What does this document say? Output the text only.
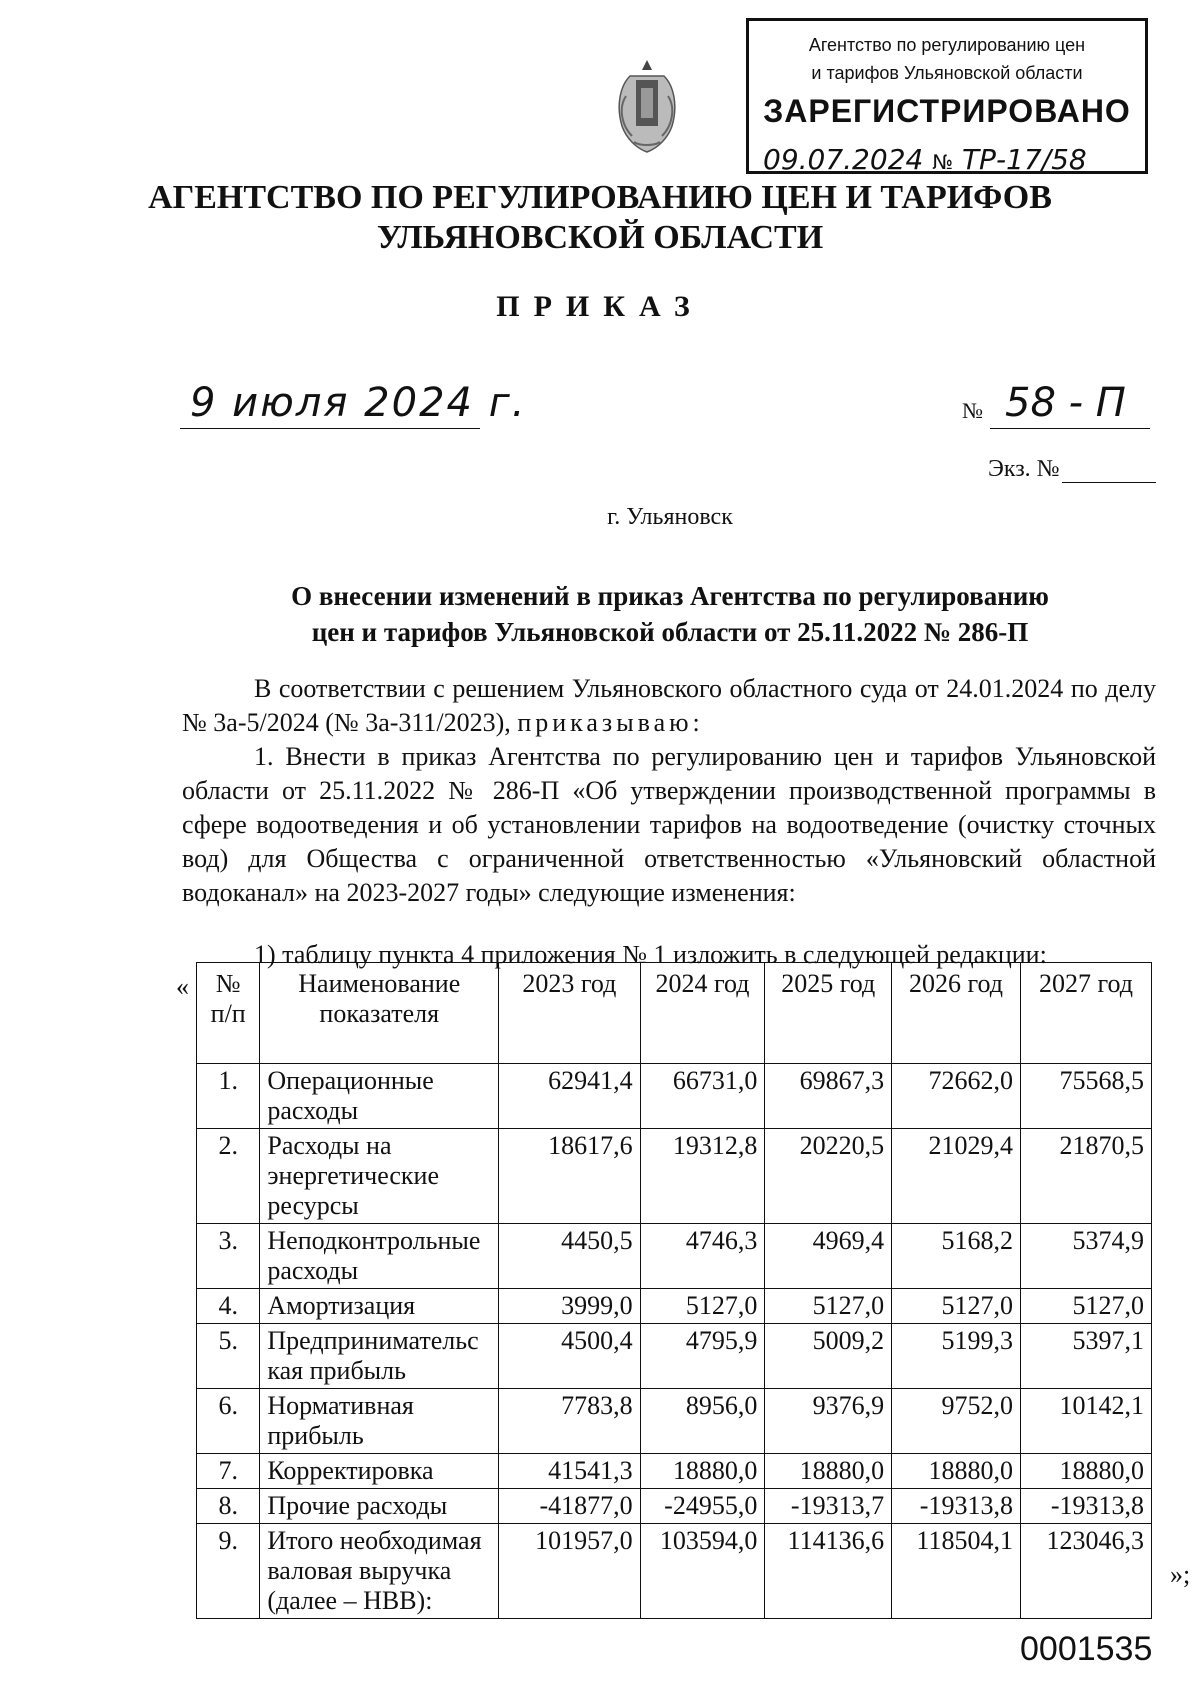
Агентство по регулированию цен
и тарифов Ульяновской области
ЗАРЕГИСТРИРОВАНО
09.07.2024 № ТР-17/58
АГЕНТСТВО ПО РЕГУЛИРОВАНИЮ ЦЕН И ТАРИФОВ
УЛЬЯНОВСКОЙ ОБЛАСТИ
ПРИКАЗ
9 июля 2024 г.	№ 58 - П
Экз. №
г. Ульяновск
О внесении изменений в приказ Агентства по регулированию
цен и тарифов Ульяновской области от 25.11.2022 № 286-П

В соответствии с решением Ульяновского областного суда от 24.01.2024 по делу № 3а-5/2024 (№ 3а-311/2023), приказываю:

1. Внести в приказ Агентства по регулированию цен и тарифов Ульяновской области от 25.11.2022 № 286-П «Об утверждении производственной программы в сфере водоотведения и об установлении тарифов на водоотведение (очистку сточных вод) для Общества с ограниченной ответственностью «Ульяновский областной водоканал» на 2023-2027 годы» следующие изменения:

1) таблицу пункта 4 приложения № 1 изложить в следующей редакции:

« № п/п	Наименование показателя	2023 год	2024 год	2025 год	2026 год	2027 год
1.	Операционные расходы	62941,4	66731,0	69867,3	72662,0	75568,5
2.	Расходы на энергетические ресурсы	18617,6	19312,8	20220,5	21029,4	21870,5
3.	Неподконтрольные расходы	4450,5	4746,3	4969,4	5168,2	5374,9
4.	Амортизация	3999,0	5127,0	5127,0	5127,0	5127,0
5.	Предпринимательс кая прибыль	4500,4	4795,9	5009,2	5199,3	5397,1
6.	Нормативная прибыль	7783,8	8956,0	9376,9	9752,0	10142,1
7.	Корректировка	41541,3	18880,0	18880,0	18880,0	18880,0
8.	Прочие расходы	-41877,0	-24955,0	-19313,7	-19313,8	-19313,8
9.	Итого необходимая валовая выручка (далее – НВВ):	101957,0	103594,0	114136,6	118504,1	123046,3
»;
0001535
